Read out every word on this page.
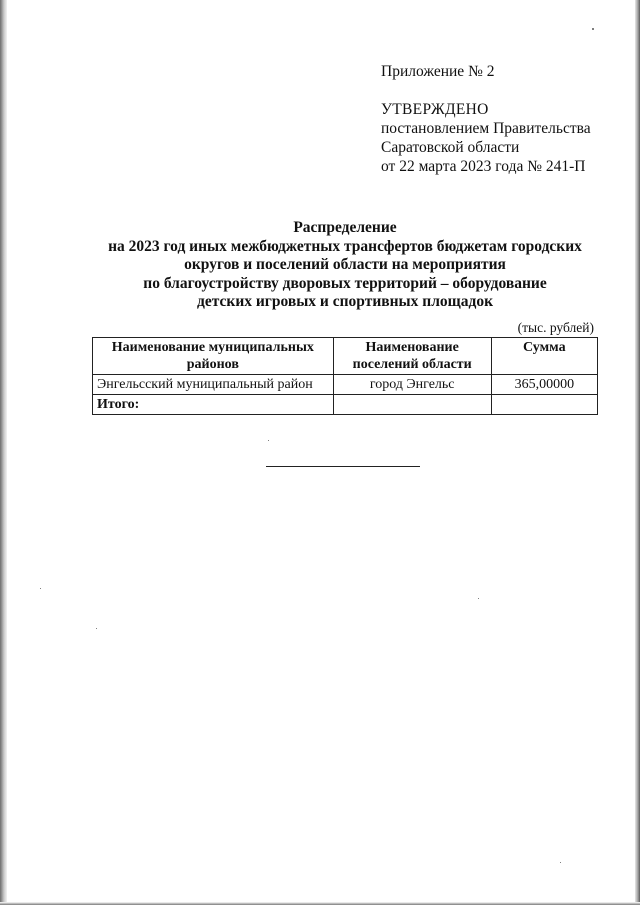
Приложение № 2
УТВЕРЖДЕНО
постановлением Правительства
Саратовской области
от 22 марта 2023 года № 241-П
Распределение
на 2023 год иных межбюджетных трансфертов бюджетам городских
округов и поселений области на мероприятия
по благоустройству дворовых территорий – оборудование
детских игровых и спортивных площадок
(тыс. рублей)
Наименование муниципальных районов	Наименование поселений области	Сумма
Энгельсский муниципальный район	город Энгельс	365,00000
Итого:		
